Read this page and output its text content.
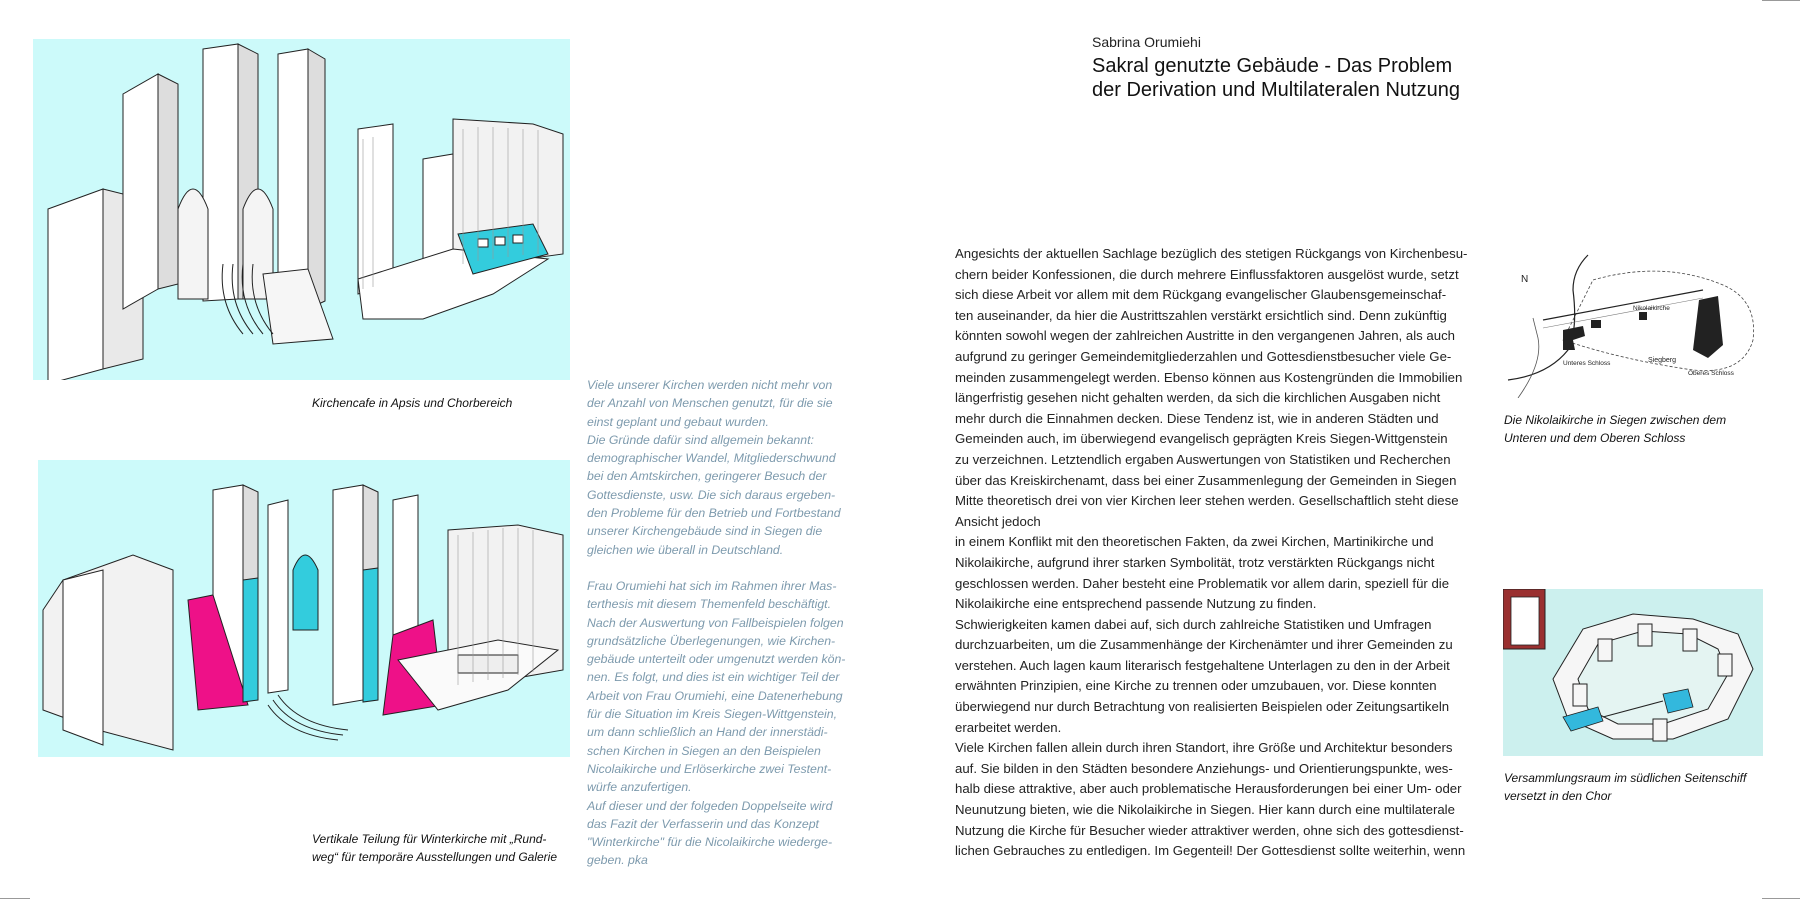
Kirchencafe in Apsis und Chorbereich
Vertikale Teilung für Winterkirche mit „Rund-
weg“ für temporäre Ausstellungen und Galerie

Viele unserer Kirchen werden nicht mehr von
der Anzahl von Menschen genutzt, für die sie
einst geplant und gebaut wurden.
Die Gründe dafür sind allgemein bekannt:
demographischer Wandel, Mitgliederschwund
bei den Amtskirchen, geringerer Besuch der
Gottesdienste, usw. Die sich daraus ergeben-
den Probleme für den Betrieb und Fortbestand
unserer Kirchengebäude sind in Siegen die
gleichen wie überall in Deutschland.

Frau Orumiehi hat sich im Rahmen ihrer Mas-
terthesis mit diesem Themenfeld beschäftigt.
Nach der Auswertung von Fallbeispielen folgen
grundsätzliche Überlegenungen, wie Kirchen-
gebäude unterteilt oder umgenutzt werden kön-
nen. Es folgt, und dies ist ein wichtiger Teil der
Arbeit von Frau Orumiehi, eine Datenerhebung
für die Situation im Kreis Siegen-Wittgenstein,
um dann schließlich an Hand der innerstädi-
schen Kirchen in Siegen an den Beispielen
Nicolaikirche und Erlöserkirche zwei Testent-
würfe anzufertigen.
Auf dieser und der folgeden Doppelseite wird
das Fazit der Verfasserin und das Konzept
"Winterkirche" für die Nicolaikirche wiederge-
geben. pka

Sabrina Orumiehi
Sakral genutzte Gebäude - Das Problem
der Derivation und Multilateralen Nutzung
Angesichts der aktuellen Sachlage bezüglich des stetigen Rückgangs von Kirchenbesu-
chern beider Konfessionen, die durch mehrere Einflussfaktoren ausgelöst wurde, setzt
sich diese Arbeit vor allem mit dem Rückgang evangelischer Glaubensgemeinschaf-
ten auseinander, da hier die Austrittszahlen verstärkt ersichtlich sind. Denn zukünftig
könnten sowohl wegen der zahlreichen Austritte in den vergangenen Jahren, als auch
aufgrund zu geringer Gemeindemitgliederzahlen und Gottesdienstbesucher viele Ge-
meinden zusammengelegt werden. Ebenso können aus Kostengründen die Immobilien
längerfristig gesehen nicht gehalten werden, da sich die kirchlichen Ausgaben nicht
mehr durch die Einnahmen decken. Diese Tendenz ist, wie in anderen Städten und
Gemeinden auch, im überwiegend evangelisch geprägten Kreis Siegen-Wittgenstein
zu verzeichnen. Letztendlich ergaben Auswertungen von Statistiken und Recherchen
über das Kreiskirchenamt, dass bei einer Zusammenlegung der Gemeinden in Siegen
Mitte theoretisch drei von vier Kirchen leer stehen werden. Gesellschaftlich steht diese
Ansicht jedoch
in einem Konflikt mit den theoretischen Fakten, da zwei Kirchen, Martinikirche und
Nikolaikirche, aufgrund ihrer starken Symbolität, trotz verstärkten Rückgangs nicht
geschlossen werden. Daher besteht eine Problematik vor allem darin, speziell für die
Nikolaikirche eine entsprechend passende Nutzung zu finden.
Schwierigkeiten kamen dabei auf, sich durch zahlreiche Statistiken und Umfragen
durchzuarbeiten, um die Zusammenhänge der Kirchenämter und ihrer Gemeinden zu
verstehen. Auch lagen kaum literarisch festgehaltene Unterlagen zu den in der Arbeit
erwähnten Prinzipien, eine Kirche zu trennen oder umzubauen, vor. Diese konnten
überwiegend nur durch Betrachtung von realisierten Beispielen oder Zeitungsartikeln
erarbeitet werden.
Viele Kirchen fallen allein durch ihren Standort, ihre Größe und Architektur besonders
auf. Sie bilden in den Städten besondere Anziehungs- und Orientierungspunkte, wes-
halb diese attraktive, aber auch problematische Herausforderungen bei einer Um- oder
Neunutzung bieten, wie die Nikolaikirche in Siegen. Hier kann durch eine multilaterale
Nutzung die Kirche für Besucher wieder attraktiver werden, ohne sich des gottesdienst-
lichen Gebrauches zu entledigen. Im Gegenteil! Der Gottesdienst sollte weiterhin, wenn
N
Unteres Schloss
Nikolaikirche
Siegberg
Oberes Schloss
Die Nikolaikirche in Siegen zwischen dem
Unteren und dem Oberen Schloss
Versammlungsraum im südlichen Seitenschiff
versetzt in den Chor
